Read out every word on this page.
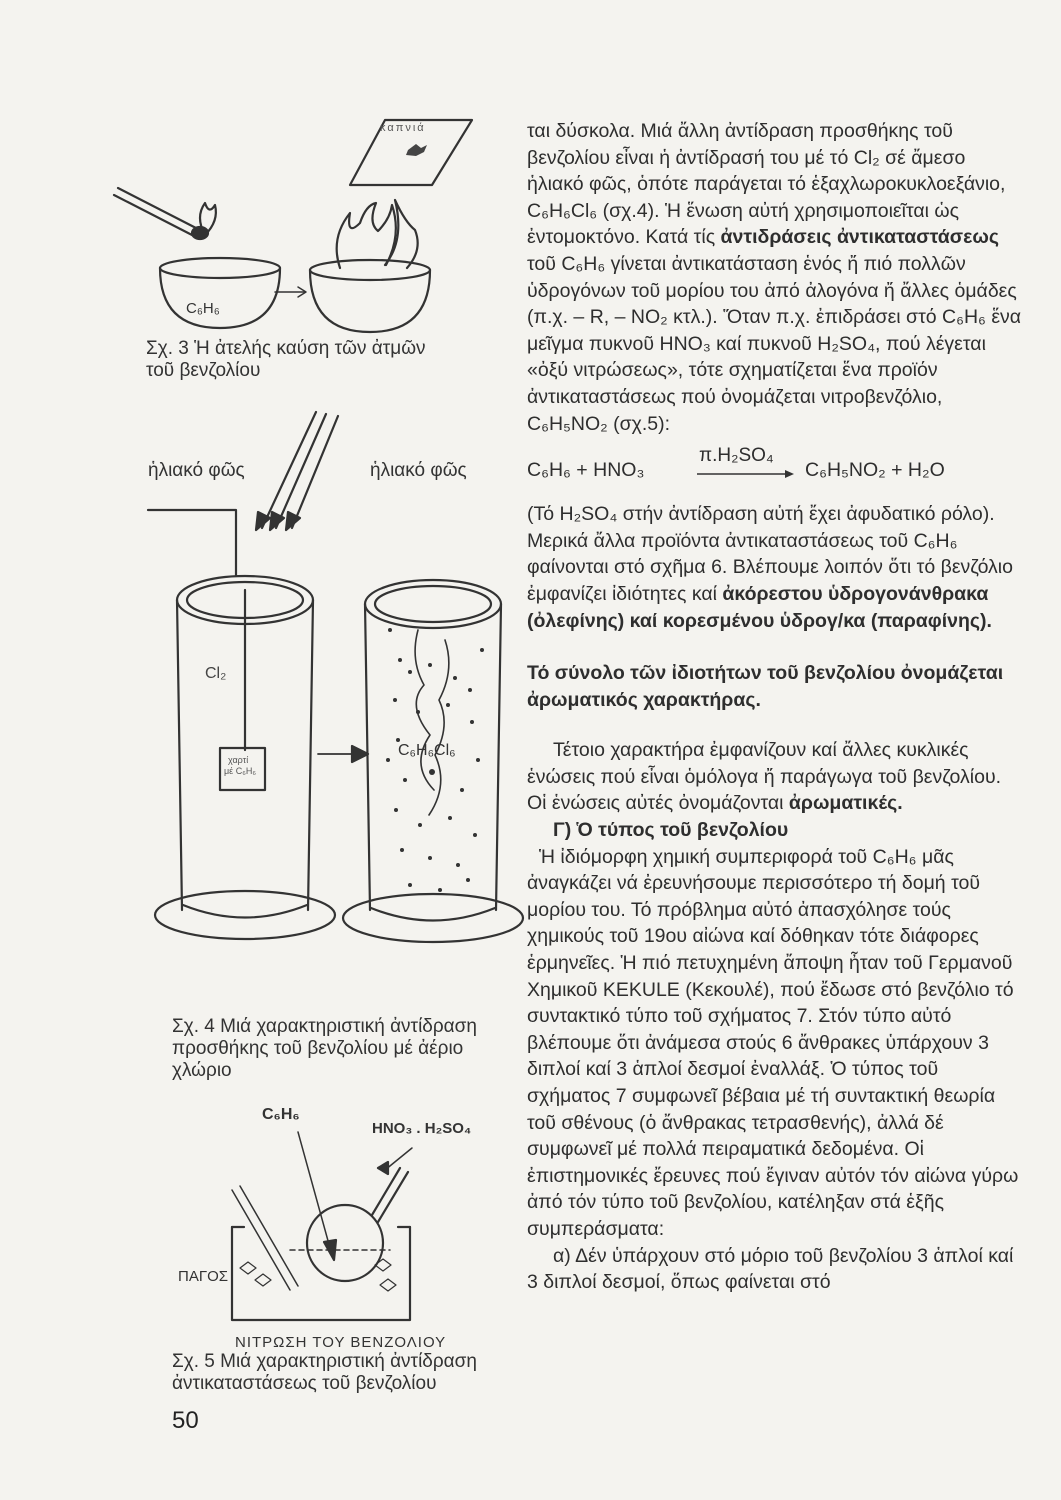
καπνιά
C₆H₆
Σχ. 3 Ἡ ἀτελής καύση τῶν ἀτμῶν
τοῦ βενζολίου
ἡλιακό φῶς	ἡλιακό φῶς
Cl₂
χαρτί
μέ C₆H₆
C₆H₆Cl₆
Σχ. 4 Μιά χαρακτηριστική ἀντίδραση
προσθήκης τοῦ βενζολίου μέ ἀέριο
χλώριο
C₆H₆
HNO₃ . H₂SO₄
ΠΑΓΟΣ
ΝΙΤΡΩΣΗ ΤΟΥ ΒΕΝΖΟΛΙΟΥ
Σχ. 5 Μιά χαρακτηριστική ἀντίδραση
ἀντικαταστάσεως τοῦ βενζολίου
50

ται δύσκολα. Μιά ἄλλη ἀντίδραση προσθήκης τοῦ βενζολίου εἶναι ἡ ἀντίδρασή του μέ τό Cl₂ σέ ἄμεσο ἡλιακό φῶς, ὁπότε παράγεται τό ἑξαχλωροκυκλοεξάνιο, C₆H₆Cl₆ (σχ.4). Ἡ ἕνωση αὐτή χρησιμοποιεῖται ὡς ἐντομοκτόνο. Κατά τίς ἀντιδράσεις ἀντικαταστάσεως τοῦ C₆H₆ γίνεται ἀντικατάσταση ἑνός ἤ πιό πολλῶν ὑδρογόνων τοῦ μορίου του ἀπό ἀλογόνα ἤ ἄλλες ὁμάδες (π.χ. – R, – NO₂ κτλ.). Ὅταν π.χ. ἐπιδράσει στό C₆H₆ ἕνα μεῖγμα πυκνοῦ HNO₃ καί πυκνοῦ H₂SO₄, πού λέγεται «ὀξύ νιτρώσεως», τότε σχηματίζεται ἕνα προϊόν ἀντικαταστάσεως πού ὀνομάζεται νιτροβενζόλιο, C₆H₅NO₂ (σχ.5):

C₆H₆ + HNO₃
π.H₂SO₄
C₆H₅NO₂ + H₂O

(Τό H₂SO₄ στήν ἀντίδραση αὐτή ἔχει ἀφυδατικό ρόλο). Μερικά ἄλλα προϊόντα ἀντικαταστάσεως τοῦ C₆H₆ φαίνονται στό σχῆμα 6. Βλέπουμε λοιπόν ὅτι τό βενζόλιο ἐμφανίζει ἰδιότητες καί ἀκόρεστου ὑδρογονάνθρακα (ὀλεφίνης) καί κορεσμένου ὑδρογ/κα (παραφίνης).

Τό σύνολο τῶν ἰδιοτήτων τοῦ βενζολίου ὀνομάζεται ἀρωματικός χαρακτήρας.

Τέτοιο χαρακτήρα ἐμφανίζουν καί ἄλλες κυκλικές ἑνώσεις πού εἶναι ὁμόλογα ἤ παράγωγα τοῦ βενζολίου. Οἱ ἑνώσεις αὐτές ὀνομάζονται ἀρωματικές.

Γ) Ὁ τύπος τοῦ βενζολίου

Ἡ ἰδιόμορφη χημική συμπεριφορά τοῦ C₆H₆ μᾶς ἀναγκάζει νά ἐρευνήσουμε περισσότερο τή δομή τοῦ μορίου του. Τό πρόβλημα αὐτό ἀπασχόλησε τούς χημικούς τοῦ 19ου αἰώνα καί δόθηκαν τότε διάφορες ἑρμηνεῖες. Ἡ πιό πετυχημένη ἄποψη ἦταν τοῦ Γερμανοῦ Χημικοῦ KEKULE (Κεκουλέ), πού ἔδωσε στό βενζόλιο τό συντακτικό τύπο τοῦ σχήματος 7. Στόν τύπο αὐτό βλέπουμε ὅτι ἀνάμεσα στούς 6 ἄνθρακες ὑπάρχουν 3 διπλοί καί 3 ἁπλοί δεσμοί ἐναλλάξ. Ὁ τύπος τοῦ σχήματος 7 συμφωνεῖ βέβαια μέ τή συντακτική θεωρία τοῦ σθένους (ὁ ἄνθρακας τετρασθενής), ἀλλά δέ συμφωνεῖ μέ πολλά πειραματικά δεδομένα. Οἱ ἐπιστημονικές ἔρευνες πού ἔγιναν αὐτόν τόν αἰώνα γύρω ἀπό τόν τύπο τοῦ βενζολίου, κατέληξαν στά ἑξῆς συμπεράσματα:

α) Δέν ὑπάρχουν στό μόριο τοῦ βενζολίου 3 ἁπλοί καί 3 διπλοί δεσμοί, ὅπως φαίνεται στό
